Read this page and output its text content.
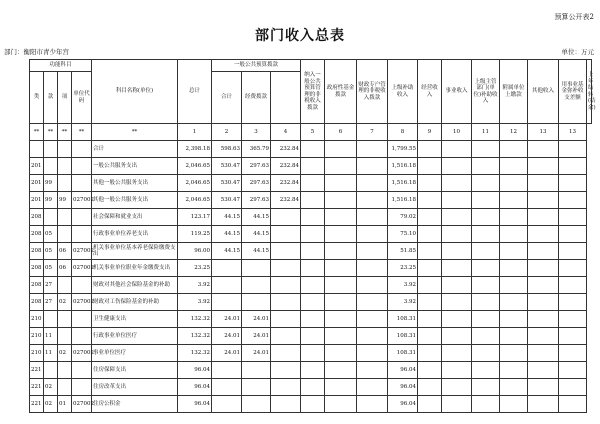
预算公开表2
部门收入总表
部门：衡阳市青少年宫	单位：万元
功能科目				科目名称(单位)	总计	一般公共预算拨款			纳入一般公共预算管理的非税收入拨款	政府性基金拨款	财政专户管理的非税收入拨款	上级补助收入	经营收入	事业收入	上级主管部门(单位)补助收入	附属单位上缴款	其他收入	用事业基金弥补收支差额	上年结转(结余)
类	款	项	单位代码			合计	经费拨款												
**	**	**	**	**	1	2	3	4	5	6	7	8	9	10	11	12	13	13	
				合计	2,398.18	598.63	365.79	232.84				1,799.55							
201				一般公共服务支出	2,046.65	530.47	297.63	232.84				1,516.18							
201	99			其他一般公共服务支出	2,046.65	530.47	297.63	232.84				1,516.18							
201	99	99	027002	其他一般公共服务支出	2,046.65	530.47	297.63	232.84				1,516.18							
208				社会保障和就业支出	123.17	44.15	44.15					79.02							
208	05			行政事业单位养老支出	119.25	44.15	44.15					75.10							
208	05	06	027002	机关事业单位基本养老保险缴费支出	96.00	44.15	44.15					51.85							
208	05	06	027002	机关事业单位职业年金缴费支出	23.25							23.25							
208	27			财政对其他社会保险基金的补助	3.92							3.92							
208	27	02	027002	财政对工伤保险基金的补助	3.92							3.92							
210				卫生健康支出	132.32	24.01	24.01					108.31							
210	11			行政事业单位医疗	132.32	24.01	24.01					108.31							
210	11	02	027002	事业单位医疗	132.32	24.01	24.01					108.31							
221				住房保障支出	96.04							96.04							
221	02			住房改革支出	96.04							96.04							
221	02	01	027002	住房公积金	96.04							96.04							
